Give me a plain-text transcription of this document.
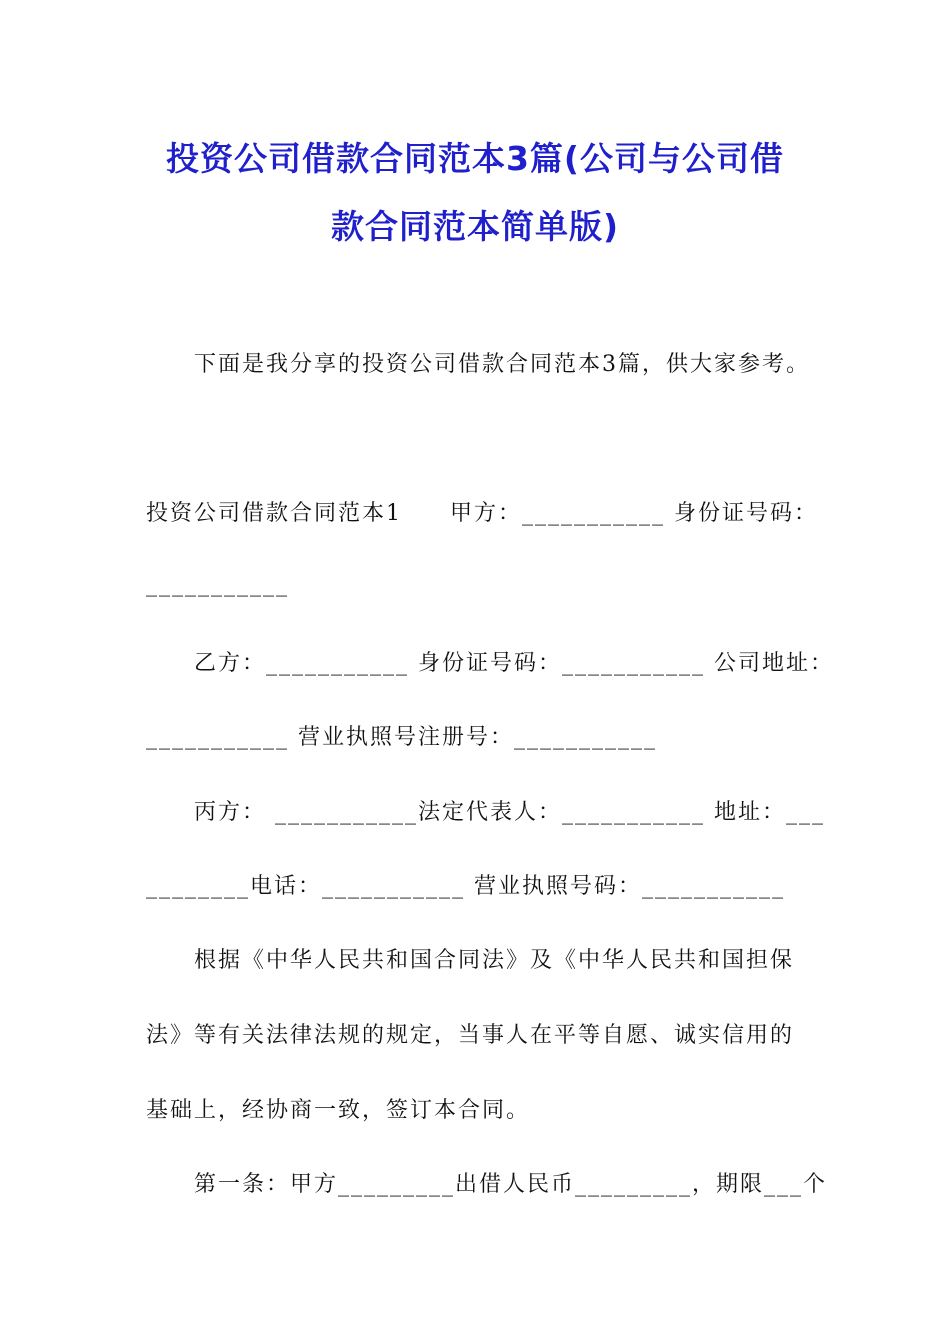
投资公司借款合同范本3篇(公司与公司借
款合同范本简单版)
下面是我分享的投资公司借款合同范本3篇，供大家参考。
投资公司借款合同范本1　　甲方：___________ 身份证号码：
___________
乙方：___________ 身份证号码：___________ 公司地址：
___________ 营业执照号注册号：___________
丙方： ___________法定代表人：___________ 地址：___
________电话：___________ 营业执照号码：___________
根据《中华人民共和国合同法》及《中华人民共和国担保
法》等有关法律法规的规定，当事人在平等自愿、诚实信用的
基础上，经协商一致，签订本合同。
第一条：甲方_________出借人民币_________，期限___个
